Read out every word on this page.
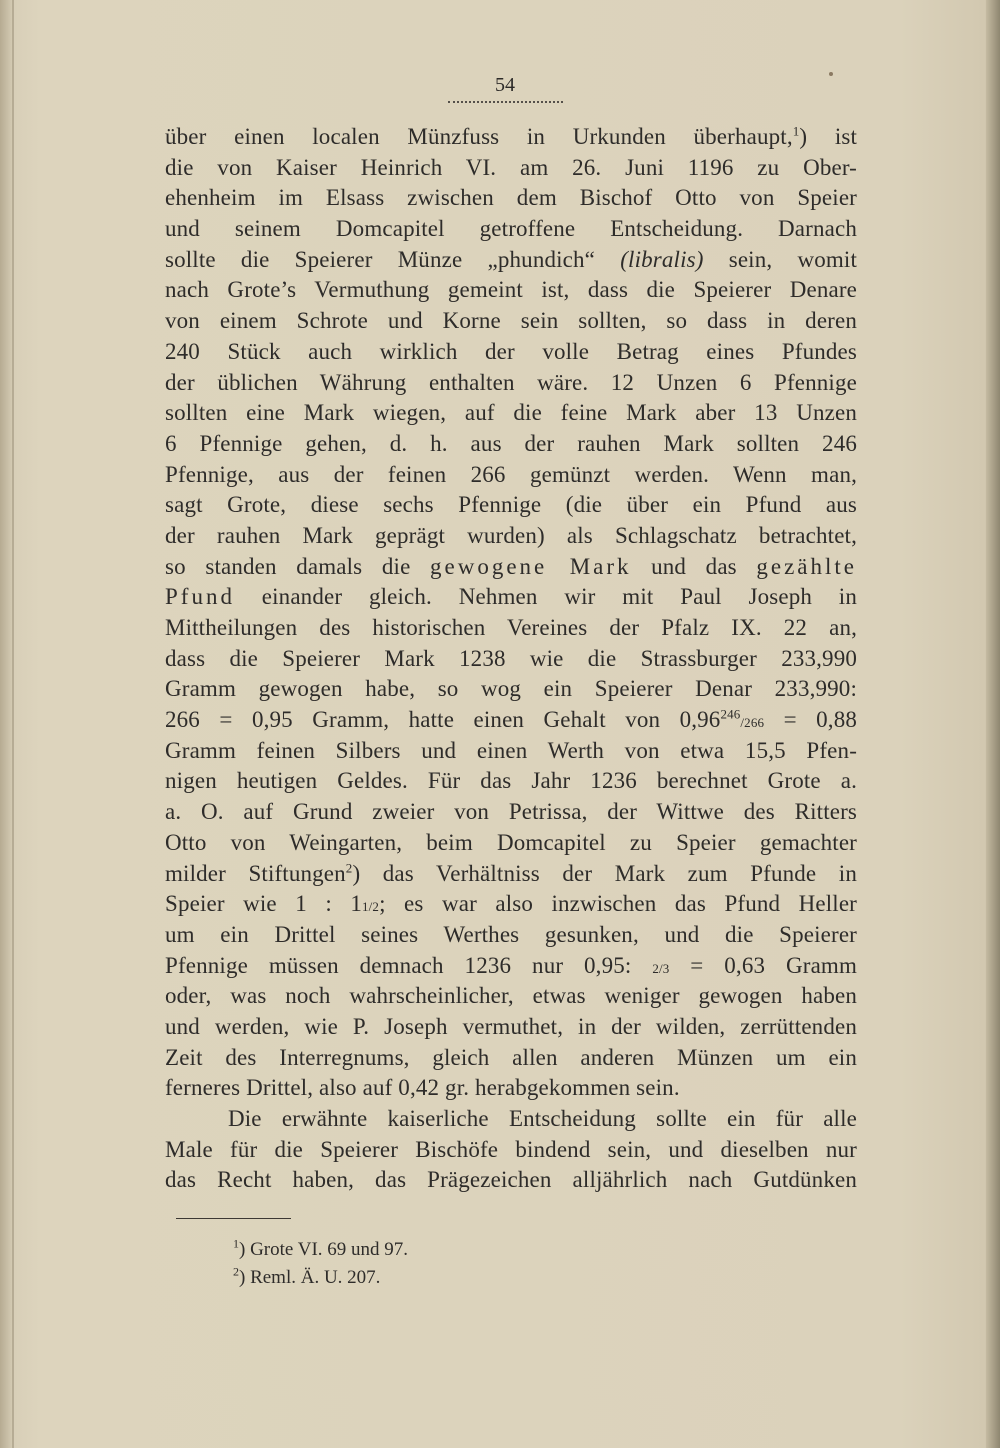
54
über einen localen Münzfuss in Urkunden überhaupt,$^1$) ist
die von Kaiser Heinrich VI. am 26. Juni 1196 zu Ober-
ehenheim im Elsass zwischen dem Bischof Otto von Speier
und seinem Domcapitel getroffene Entscheidung. Darnach
sollte die Speierer Münze „phundich“ (libralis) sein, womit
nach Grote’s Vermuthung gemeint ist, dass die Speierer Denare
von einem Schrote und Korne sein sollten, so dass in deren
240 Stück auch wirklich der volle Betrag eines Pfundes
der üblichen Währung enthalten wäre. 12 Unzen 6 Pfennige
sollten eine Mark wiegen, auf die feine Mark aber 13 Unzen
6 Pfennige gehen, d. h. aus der rauhen Mark sollten 246
Pfennige, aus der feinen 266 gemünzt werden. Wenn man,
sagt Grote, diese sechs Pfennige (die über ein Pfund aus
der rauhen Mark geprägt wurden) als Schlagschatz betrachtet,
so standen damals die gewogene Mark und das gezählte
Pfund einander gleich. Nehmen wir mit Paul Joseph in
Mittheilungen des historischen Vereines der Pfalz IX. 22 an,
dass die Speierer Mark 1238 wie die Strassburger 233,990
Gramm gewogen habe, so wog ein Speierer Denar 233,990:
266 = 0,95 Gramm, hatte einen Gehalt von $0,96^{246}/266 = 0,88$
Gramm feinen Silbers und einen Werth von etwa 15,5 Pfen-
nigen heutigen Geldes. Für das Jahr 1236 berechnet Grote a.
a. O. auf Grund zweier von Petrissa, der Wittwe des Ritters
Otto von Weingarten, beim Domcapitel zu Speier gemachter
milder Stiftungen$^2$) das Verhältniss der Mark zum Pfunde in
Speier wie 1 : 11/2; es war also inzwischen das Pfund Heller
um ein Drittel seines Werthes gesunken, und die Speierer
Pfennige müssen demnach 1236 nur 0,95: 2/3 = 0,63 Gramm
oder, was noch wahrscheinlicher, etwas weniger gewogen haben
und werden, wie P. Joseph vermuthet, in der wilden, zerrüttenden
Zeit des Interregnums, gleich allen anderen Münzen um ein
ferneres Drittel, also auf 0,42 gr. herabgekommen sein.
Die erwähnte kaiserliche Entscheidung sollte ein für alle
Male für die Speierer Bischöfe bindend sein, und dieselben nur
das Recht haben, das Prägezeichen alljährlich nach Gutdünken
$^1$) Grote VI. 69 und 97.
$^2$) Reml. Ä. U. 207.
